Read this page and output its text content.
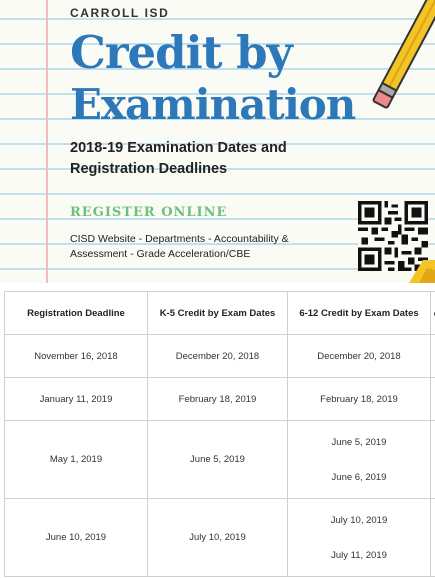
CARROLL ISD
Credit by
Examination
2018-19 Examination Dates and
Registration Deadlines
REGISTER ONLINE
CISD Website - Departments - Accountability &
Assessment - Grade Acceleration/CBE
Registration Deadline	K-5 Credit by Exam Dates	6-12 Credit by Exam Dates	
November 16, 2018	December 20, 2018	December 20, 2018	
January 11, 2019	February 18, 2019	February 18, 2019	
May 1, 2019	June 5, 2019	June 5, 2019
June 6, 2019	

June 10, 2019	July 10, 2019	July 10, 2019
July 11, 2019	
